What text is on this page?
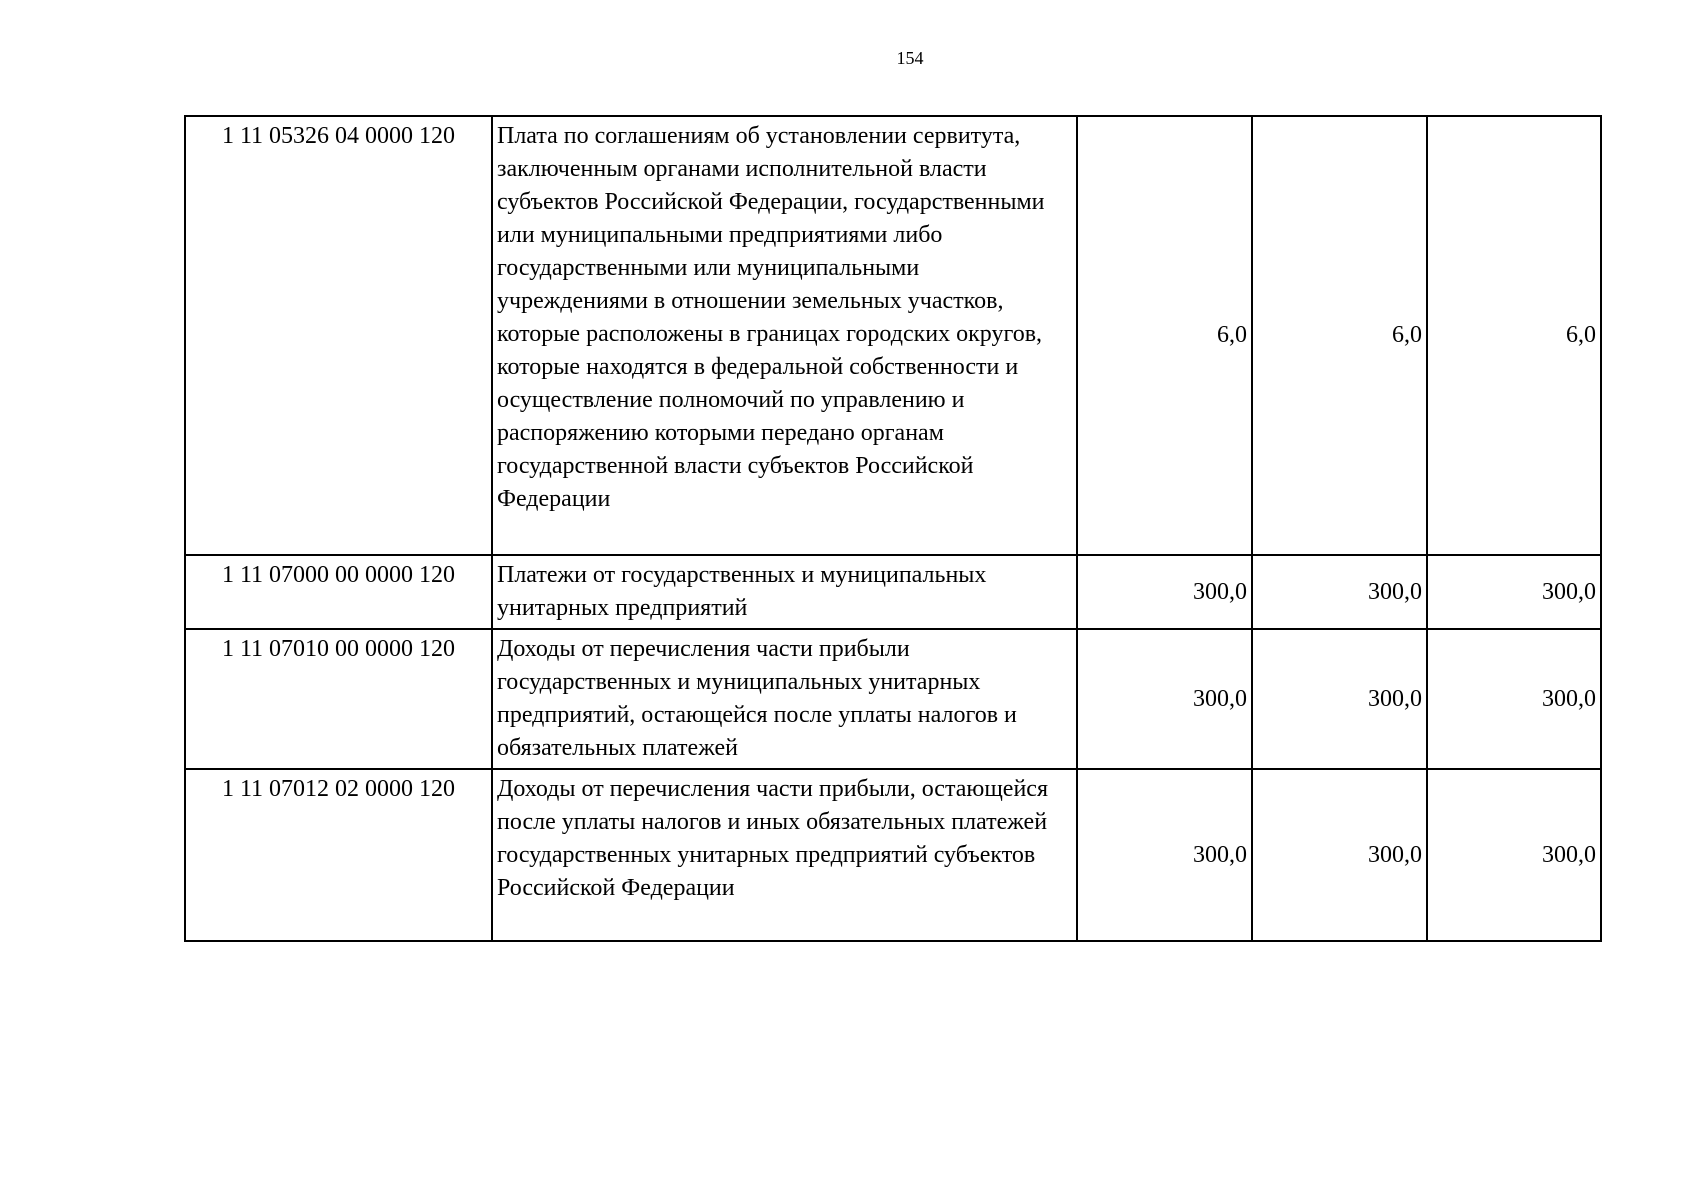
154
1 11 05326 04 0000 120	Плата по соглашениям об установлении сервитута, заключенным органами исполнительной власти субъектов Российской Федерации, государственными или муниципальными предприятиями либо государственными или муниципальными учреждениями в отношении земельных участков, которые расположены в границах городских округов, которые находятся в федеральной собственности и осуществление полномочий по управлению и распоряжению которыми передано органам государственной власти субъектов Российской Федерации	6,0	6,0	6,0
1 11 07000 00 0000 120	Платежи от государственных и муниципальных унитарных предприятий	300,0	300,0	300,0
1 11 07010 00 0000 120	Доходы от перечисления части прибыли государственных и муниципальных унитарных предприятий, остающейся после уплаты налогов и обязательных платежей	300,0	300,0	300,0
1 11 07012 02 0000 120	Доходы от перечисления части прибыли, остающейся после уплаты налогов и иных обязательных платежей государственных унитарных предприятий субъектов Российской Федерации	300,0	300,0	300,0
